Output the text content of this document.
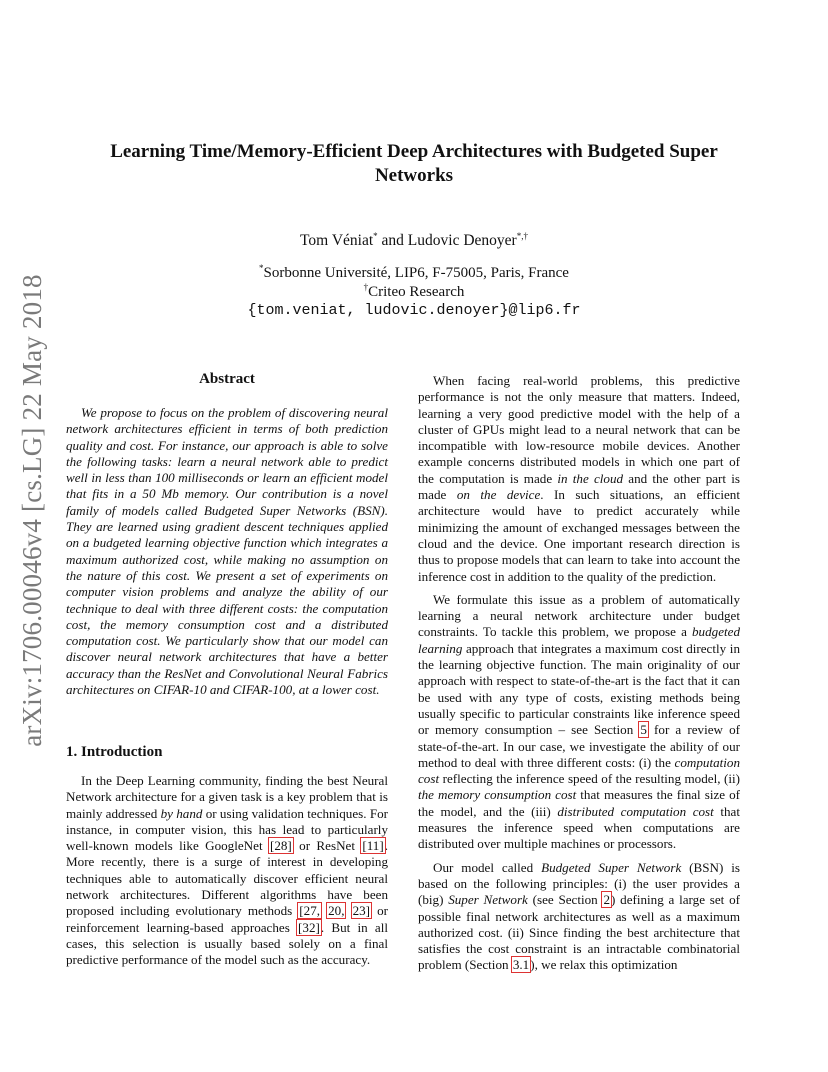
arXiv:1706.00046v4 [cs.LG] 22 May 2018
Learning Time/Memory-Efficient Deep Architectures with Budgeted Super Networks
Tom Véniat* and Ludovic Denoyer*,†
*Sorbonne Université, LIP6, F-75005, Paris, France
†Criteo Research
{tom.veniat, ludovic.denoyer}@lip6.fr
Abstract

We propose to focus on the problem of discovering neural network architectures efficient in terms of both prediction quality and cost. For instance, our approach is able to solve the following tasks: learn a neural network able to predict well in less than 100 milliseconds or learn an efficient model that fits in a 50 Mb memory. Our contribution is a novel family of models called Budgeted Super Networks (BSN). They are learned using gradient descent techniques applied on a budgeted learning objective function which integrates a maximum authorized cost, while making no assumption on the nature of this cost. We present a set of experiments on computer vision problems and analyze the ability of our technique to deal with three different costs: the computation cost, the memory consumption cost and a distributed computation cost. We particularly show that our model can discover neural network architectures that have a better accuracy than the ResNet and Convolutional Neural Fabrics architectures on CIFAR-10 and CIFAR-100, at a lower cost.

1. Introduction

In the Deep Learning community, finding the best Neural Network architecture for a given task is a key problem that is mainly addressed by hand or using validation techniques. For instance, in computer vision, this has lead to particularly well-known models like GoogleNet [28] or ResNet [11]. More recently, there is a surge of interest in developing techniques able to automatically discover efficient neural network architectures. Different algorithms have been proposed including evolutionary methods [27, 20, 23] or reinforcement learning-based approaches [32]. But in all cases, this selection is usually based solely on a final predictive performance of the model such as the accuracy.

When facing real-world problems, this predictive performance is not the only measure that matters. Indeed, learning a very good predictive model with the help of a cluster of GPUs might lead to a neural network that can be incompatible with low-resource mobile devices. Another example concerns distributed models in which one part of the computation is made in the cloud and the other part is made on the device. In such situations, an efficient architecture would have to predict accurately while minimizing the amount of exchanged messages between the cloud and the device. One important research direction is thus to propose models that can learn to take into account the inference cost in addition to the quality of the prediction.

We formulate this issue as a problem of automatically learning a neural network architecture under budget constraints. To tackle this problem, we propose a budgeted learning approach that integrates a maximum cost directly in the learning objective function. The main originality of our approach with respect to state-of-the-art is the fact that it can be used with any type of costs, existing methods being usually specific to particular constraints like inference speed or memory consumption – see Section 5 for a review of state-of-the-art. In our case, we investigate the ability of our method to deal with three different costs: (i) the computation cost reflecting the inference speed of the resulting model, (ii) the memory consumption cost that measures the final size of the model, and the (iii) distributed computation cost that measures the inference speed when computations are distributed over multiple machines or processors.

Our model called Budgeted Super Network (BSN) is based on the following principles: (i) the user provides a (big) Super Network (see Section 2) defining a large set of possible final network architectures as well as a maximum authorized cost. (ii) Since finding the best architecture that satisfies the cost constraint is an intractable combinatorial problem (Section 3.1), we relax this optimization
